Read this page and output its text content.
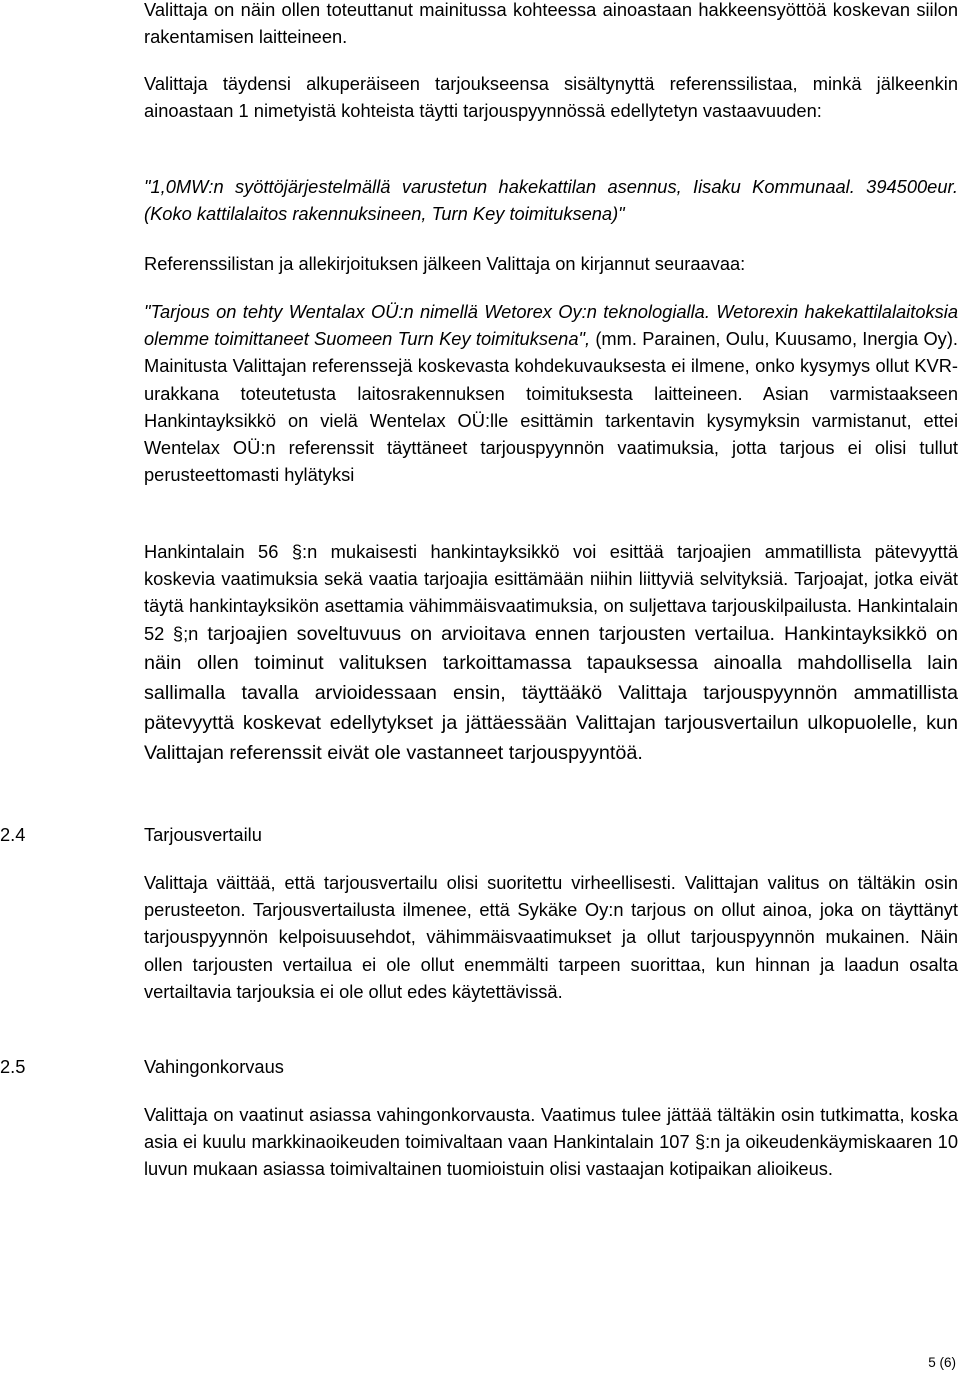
Valittaja on näin ollen toteuttanut mainitussa kohteessa ainoastaan hakkeensyöttöä koskevan siilon rakentamisen laitteineen.

Valittaja täydensi alkuperäiseen tarjoukseensa sisältynyttä referenssilistaa, minkä jälkeenkin ainoastaan 1 nimetyistä kohteista täytti tarjouspyynnössä edellytetyn vastaavuuden:

"1,0MW:n syöttöjärjestelmällä varustetun hakekattilan asennus, Iisaku Kommunaal. 394500eur. (Koko kattilalaitos rakennuksineen, Turn Key toimituksena)"

Referenssilistan ja allekirjoituksen jälkeen Valittaja on kirjannut seuraavaa:

"Tarjous on tehty Wentalax OÜ:n nimellä Wetorex Oy:n teknologialla. Wetorexin hakekattilalaitoksia olemme toimittaneet Suomeen Turn Key toimituksena", (mm. Parainen, Oulu, Kuusamo, Inergia Oy). Mainitusta Valittajan referenssejä koskevasta kohdekuvauksesta ei ilmene, onko kysymys ollut KVR-urakkana toteutetusta laitosrakennuksen toimituksesta laitteineen. Asian varmistaakseen Hankintayksikkö on vielä Wentelax OÜ:lle esittämin tarkentavin kysymyksin varmistanut, ettei Wentelax OÜ:n referenssit täyttäneet tarjouspyynnön vaatimuksia, jotta tarjous ei olisi tullut perusteettomasti hylätyksi

Hankintalain 56 §:n mukaisesti hankintayksikkö voi esittää tarjoajien ammatillista pätevyyttä koskevia vaatimuksia sekä vaatia tarjoajia esittämään niihin liittyviä selvityksiä. Tarjoajat, jotka eivät täytä hankintayksikön asettamia vähimmäisvaatimuksia, on suljettava tarjouskilpailusta. Hankintalain 52 §;n tarjoajien soveltuvuus on arvioitava ennen tarjousten vertailua. Hankintayksikkö on näin ollen toiminut valituksen tarkoittamassa tapauksessa ainoalla mahdollisella lain sallimalla tavalla arvioidessaan ensin, täyttääkö Valittaja tarjouspyynnön ammatillista pätevyyttä koskevat edellytykset ja jättäessään Valittajan tarjousvertailun ulkopuolelle, kun Valittajan referenssit eivät ole vastanneet tarjouspyyntöä.

2.4	Tarjousvertailu

Valittaja väittää, että tarjousvertailu olisi suoritettu virheellisesti. Valittajan valitus on tältäkin osin perusteeton. Tarjousvertailusta ilmenee, että Sykäke Oy:n tarjous on ollut ainoa, joka on täyttänyt tarjouspyynnön kelpoisuusehdot, vähimmäisvaatimukset ja ollut tarjouspyynnön mukainen. Näin ollen tarjousten vertailua ei ole ollut enemmälti tarpeen suorittaa, kun hinnan ja laadun osalta vertailtavia tarjouksia ei ole ollut edes käytettävissä.

2.5	Vahingonkorvaus

Valittaja on vaatinut asiassa vahingonkorvausta. Vaatimus tulee jättää tältäkin osin tutkimatta, koska asia ei kuulu markkinaoikeuden toimivaltaan vaan Hankintalain 107 §:n ja oikeudenkäymiskaaren 10 luvun mukaan asiassa toimivaltainen tuomioistuin olisi vastaajan kotipaikan alioikeus.

5 (6)
